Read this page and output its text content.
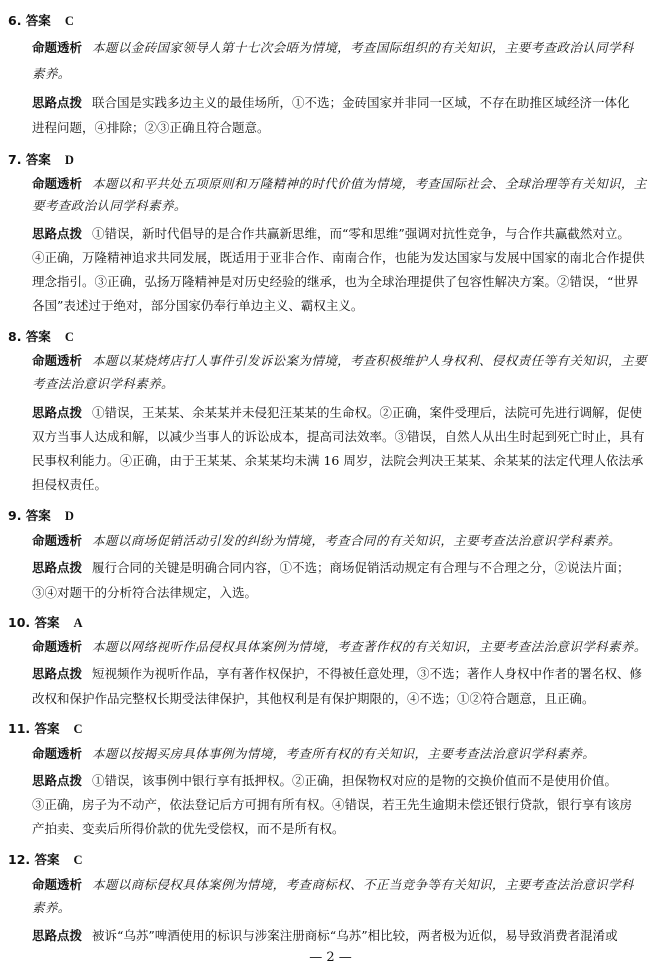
6. 答案 C
命题透析 本题以金砖国家领导人第十七次会晤为情境，考查国际组织的有关知识，主要考查政治认同学科
素养。
思路点拨 联合国是实践多边主义的最佳场所，①不选；金砖国家并非同一区域，不存在助推区域经济一体化
进程问题，④排除；②③正确且符合题意。
7. 答案 D
命题透析 本题以和平共处五项原则和万隆精神的时代价值为情境，考查国际社会、全球治理等有关知识，主
要考查政治认同学科素养。
思路点拨 ①错误，新时代倡导的是合作共赢新思维，而“零和思维”强调对抗性竞争，与合作共赢截然对立。
④正确，万隆精神追求共同发展，既适用于亚非合作、南南合作，也能为发达国家与发展中国家的南北合作提供
理念指引。③正确，弘扬万隆精神是对历史经验的继承，也为全球治理提供了包容性解决方案。②错误，“世界
各国”表述过于绝对，部分国家仍奉行单边主义、霸权主义。
8. 答案 C
命题透析 本题以某烧烤店打人事件引发诉讼案为情境，考查积极维护人身权利、侵权责任等有关知识，主要
考查法治意识学科素养。
思路点拨 ①错误，王某某、余某某并未侵犯汪某某的生命权。②正确，案件受理后，法院可先进行调解，促使
双方当事人达成和解，以减少当事人的诉讼成本，提高司法效率。③错误，自然人从出生时起到死亡时止，具有
民事权利能力。④正确，由于王某某、余某某均未满 16 周岁，法院会判决王某某、余某某的法定代理人依法承
担侵权责任。
9. 答案 D
命题透析 本题以商场促销活动引发的纠纷为情境，考查合同的有关知识，主要考查法治意识学科素养。
思路点拨 履行合同的关键是明确合同内容，①不选；商场促销活动规定有合理与不合理之分，②说法片面；
③④对题干的分析符合法律规定，入选。
10. 答案 A
命题透析 本题以网络视听作品侵权具体案例为情境，考查著作权的有关知识，主要考查法治意识学科素养。
思路点拨 短视频作为视听作品，享有著作权保护，不得被任意处理，③不选；著作人身权中作者的署名权、修
改权和保护作品完整权长期受法律保护，其他权利是有保护期限的，④不选；①②符合题意，且正确。
11. 答案 C
命题透析 本题以按揭买房具体事例为情境，考查所有权的有关知识，主要考查法治意识学科素养。
思路点拨 ①错误，该事例中银行享有抵押权。②正确，担保物权对应的是物的交换价值而不是使用价值。
③正确，房子为不动产，依法登记后方可拥有所有权。④错误，若王先生逾期未偿还银行贷款，银行享有该房
产拍卖、变卖后所得价款的优先受偿权，而不是所有权。
12. 答案 C
命题透析 本题以商标侵权具体案例为情境，考查商标权、不正当竞争等有关知识，主要考查法治意识学科
素养。
思路点拨 被诉“乌苏”啤酒使用的标识与涉案注册商标“乌苏”相比较，两者极为近似，易导致消费者混淆或
— 2 —
